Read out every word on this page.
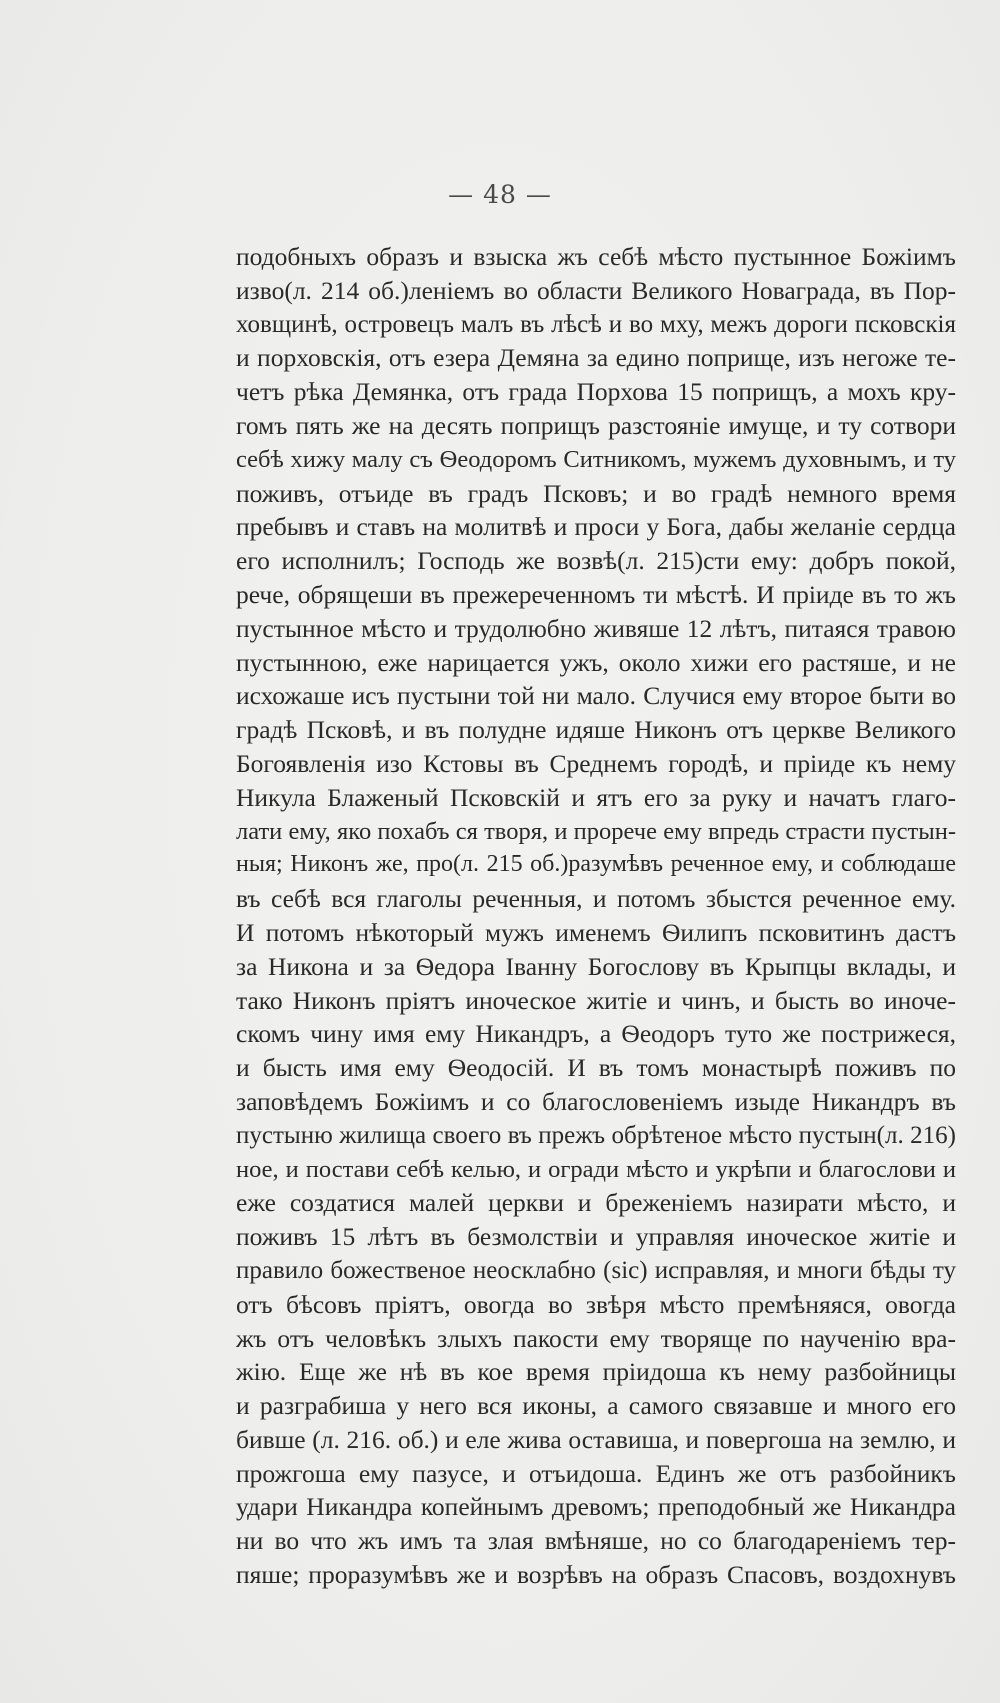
— 48 —
подобныхъ образъ и взыска жъ себѣ мѣсто пустынное Божіимъ
изво(л. 214 об.)леніемъ во области Великого Новаграда, въ Пор-
ховщинѣ, островецъ малъ въ лѣсѣ и во мху, межъ дороги псковскія
и порховскія, отъ езера Демяна за едино поприще, изъ негоже те-
четъ рѣка Демянка, отъ града Порхова 15 поприщъ, а мохъ кру-
гомъ пять же на десять поприщъ разстояніе имуще, и ту сотвори
себѣ хижу малу съ Ѳеодоромъ Ситникомъ, мужемъ духовнымъ, и ту
поживъ, отъиде въ градъ Псковъ; и во градѣ немного время
пребывъ и ставъ на молитвѣ и проси у Бога, дабы желаніе сердца
его исполнилъ; Господь же возвѣ(л. 215)сти ему: добръ покой,
рече, обрящеши въ прежереченномъ ти мѣстѣ. И пріиде въ то жъ
пустынное мѣсто и трудолюбно живяше 12 лѣтъ, питаяся травою
пустынною, еже нарицается ужъ, около хижи его растяше, и не
исхожаше исъ пустыни той ни мало. Случися ему второе быти во
градѣ Псковѣ, и въ полудне идяше Никонъ отъ церкве Великого
Богоявленія изо Кстовы въ Среднемъ городѣ, и пріиде къ нему
Никула Блаженый Псковскій и ятъ его за руку и начатъ глаго-
лати ему, яко похабъ ся творя, и прорече ему впредь страсти пустын-
ныя; Никонъ же, про(л. 215 об.)разумѣвъ реченное ему, и соблюдаше
въ себѣ вся глаголы реченныя, и потомъ збыстся реченное ему.
И потомъ нѣкоторый мужъ именемъ Ѳилипъ псковитинъ дастъ
за Никона и за Ѳедора Іванну Богослову въ Крыпцы вклады, и
тако Никонъ пріятъ иноческое житіе и чинъ, и бысть во иноче-
скомъ чину имя ему Никандръ, а Ѳеодоръ туто же пострижеся,
и бысть имя ему Ѳеодосій. И въ томъ монастырѣ поживъ по
заповѣдемъ Божіимъ и со благословеніемъ изыде Никандръ въ
пустыню жилища своего въ прежъ обрѣтеное мѣсто пустын(л. 216)
ное, и постави себѣ келью, и огради мѣсто и укрѣпи и благослови и
еже создатися малей церкви и бреженіемъ назирати мѣсто, и
поживъ 15 лѣтъ въ безмолствіи и управляя иноческое житіе и
правило божественое неосклабно (sic) исправляя, и многи бѣды ту
отъ бѣсовъ пріятъ, овогда во звѣря мѣсто премѣняяся, овогда
жъ отъ человѣкъ злыхъ пакости ему творяще по наученію вра-
жію. Еще же нѣ въ кое время пріидоша къ нему разбойницы
и разграбиша у него вся иконы, а самого связавше и много его
бивше (л. 216. об.) и еле жива оставиша, и повергоша на землю, и
прожгоша ему пазусе, и отъидоша. Единъ же отъ разбойникъ
удари Никандра копейнымъ древомъ; преподобный же Никандра
ни во что жъ имъ та злая вмѣняше, но со благодареніемъ тер-
пяше; проразумѣвъ же и возрѣвъ на образъ Спасовъ, воздохнувъ
